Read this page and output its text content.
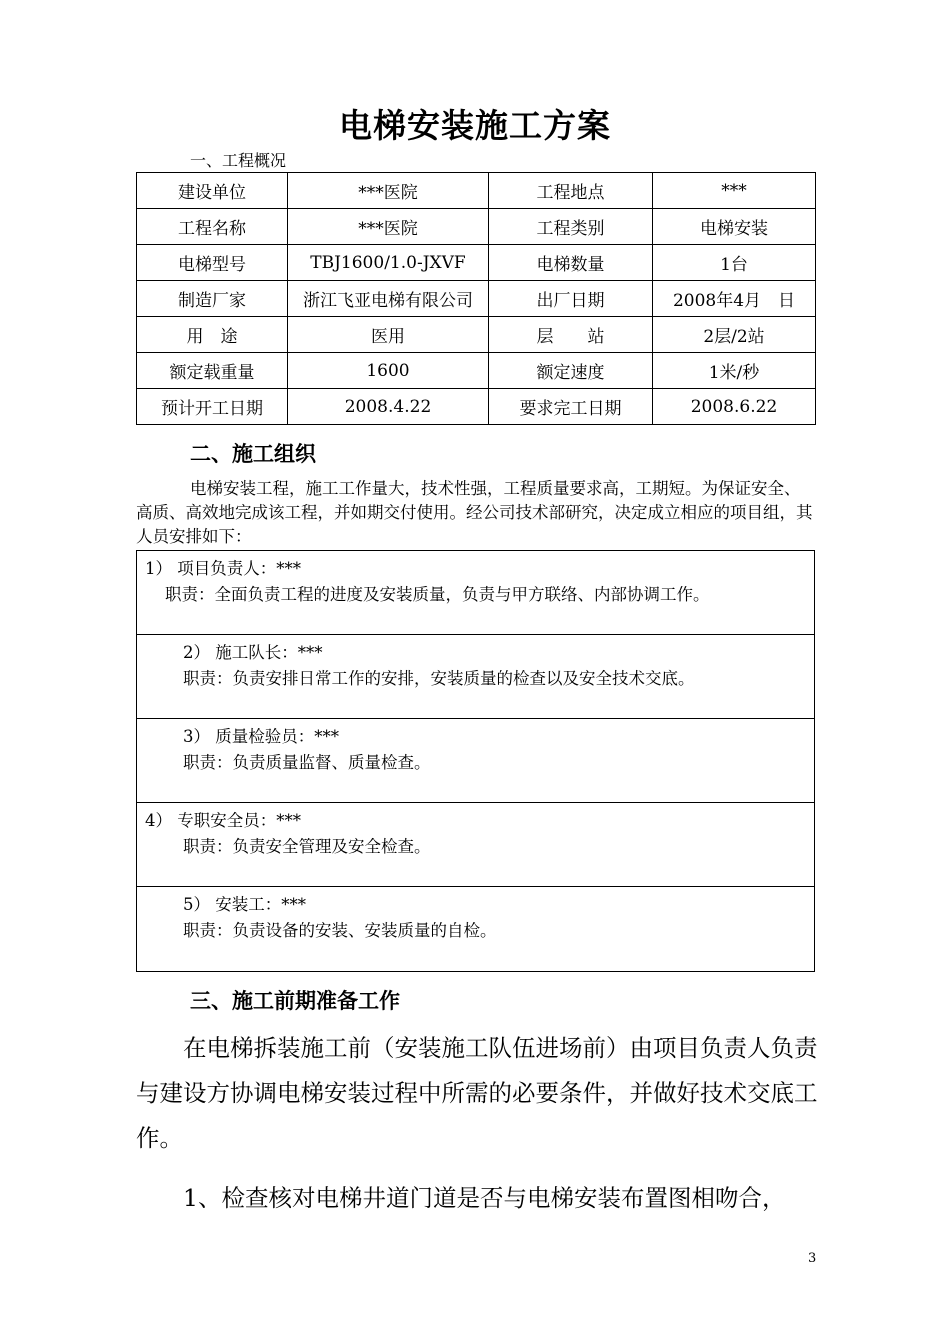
电梯安装施工方案
一、工程概况
建设单位	***医院	工程地点	***
工程名称	***医院	工程类别	电梯安装
电梯型号	TBJ1600/1.0-JXVF	电梯数量	1台
制造厂家	浙江飞亚电梯有限公司	出厂日期	2008年4月　日
用　途	医用	层　　站	2层/2站
额定载重量	1600	额定速度	1米/秒
预计开工日期	2008.4.22	要求完工日期	2008.6.22
二、施工组织
电梯安装工程，施工工作量大，技术性强，工程质量要求高，工期短。为保证安全、高质、高效地完成该工程，并如期交付使用。经公司技术部研究，决定成立相应的项目组，其人员安排如下：
1） 项目负责人：***
职责：全面负责工程的进度及安装质量，负责与甲方联络、内部协调工作。
2） 施工队长：***
职责：负责安排日常工作的安排，安装质量的检查以及安全技术交底。
3） 质量检验员：***
职责：负责质量监督、质量检查。
4） 专职安全员：***
职责：负责安全管理及安全检查。
5） 安装工：***
职责：负责设备的安装、安装质量的自检。
三、施工前期准备工作
在电梯拆装施工前（安装施工队伍进场前）由项目负责人负责与建设方协调电梯安装过程中所需的必要条件，并做好技术交底工作。
1、检查核对电梯井道门道是否与电梯安装布置图相吻合，
3
